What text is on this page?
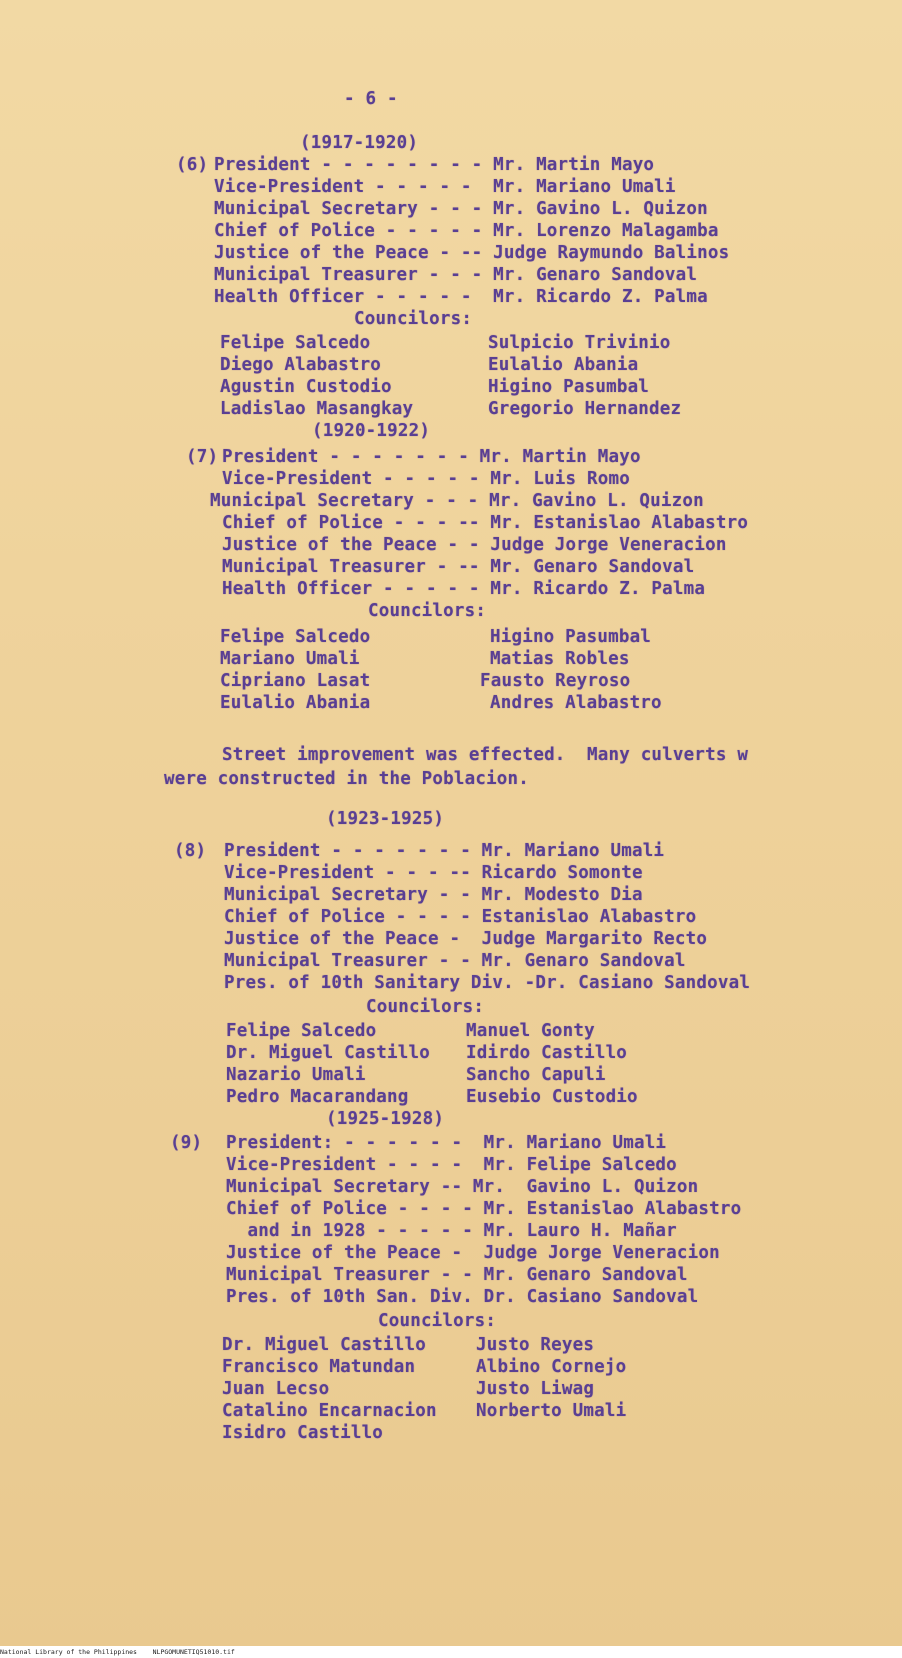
- 6 -
(1917-1920)
(6) President - - - - - - - - Mr. Martin Mayo
Vice-President - - - - -  Mr. Mariano Umali
Municipal Secretary - - - Mr. Gavino L. Quizon
Chief of Police - - - - - Mr. Lorenzo Malagamba
Justice of the Peace - -- Judge Raymundo Balinos
Municipal Treasurer - - - Mr. Genaro Sandoval
Health Officer - - - - -  Mr. Ricardo Z. Palma
Councilors:
Felipe Salcedo
Diego Alabastro
Agustin Custodio
Ladislao Masangkay
Sulpicio Trivinio
Eulalio Abania
Higino Pasumbal
Gregorio Hernandez
(1920-1922)
(7) President - - - - - - - Mr. Martin Mayo
Vice-President - - - - - Mr. Luis Romo
Municipal Secretary - - - Mr. Gavino L. Quizon
Chief of Police - - - -- Mr. Estanislao Alabastro
Justice of the Peace - - Judge Jorge Veneracion
Municipal Treasurer - -- Mr. Genaro Sandoval
Health Officer - - - - - Mr. Ricardo Z. Palma
Councilors:
Felipe Salcedo
Mariano Umali
Cipriano Lasat
Eulalio Abania
Higino Pasumbal
Matias Robles
Fausto Reyroso
Andres Alabastro
Street improvement was effected.  Many culverts w
were constructed in the Poblacion.
(1923-1925)
(8) President - - - - - - - Mr. Mariano Umali
Vice-President - - - -- Ricardo Somonte
Municipal Secretary - - Mr. Modesto Dia
Chief of Police - - - - Estanislao Alabastro
Justice of the Peace -  Judge Margarito Recto
Municipal Treasurer - - Mr. Genaro Sandoval
Pres. of 10th Sanitary Div. -Dr. Casiano Sandoval
Councilors:
Felipe Salcedo
Dr. Miguel Castillo
Nazario Umali
Pedro Macarandang
Manuel Gonty
Idirdo Castillo
Sancho Capuli
Eusebio Custodio
(1925-1928)
(9) President: - - - - - -  Mr. Mariano Umali
Vice-President - - - -  Mr. Felipe Salcedo
Municipal Secretary -- Mr.  Gavino L. Quizon
Chief of Police - - - - Mr. Estanislao Alabastro
and in 1928 - - - - - Mr. Lauro H. Mañar
Justice of the Peace -  Judge Jorge Veneracion
Municipal Treasurer - - Mr. Genaro Sandoval
Pres. of 10th San. Div. Dr. Casiano Sandoval
Councilors:
Dr. Miguel Castillo
Francisco Matundan
Juan Lecso
Catalino Encarnacion
Isidro Castillo
Justo Reyes
Albino Cornejo
Justo Liwag
Norberto Umali
National Library of the Philippines    NLPGOMUNETIQ51010.tif
